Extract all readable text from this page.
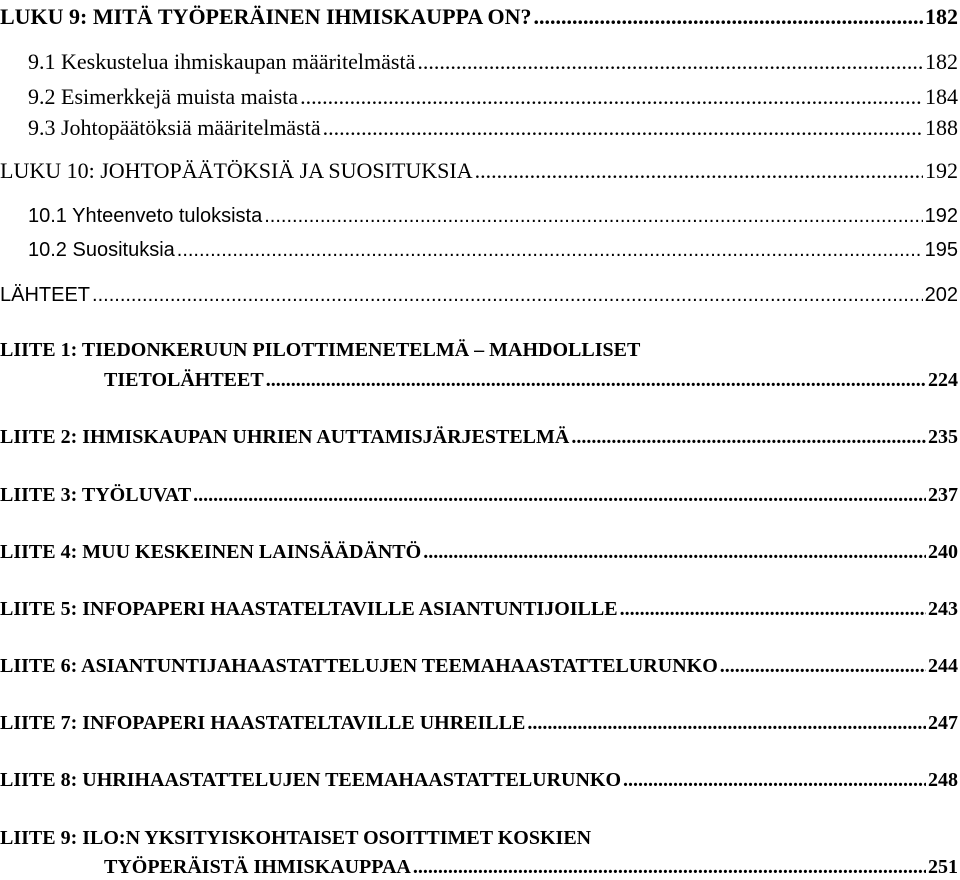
LUKU 9: MITÄ TYÖPERÄINEN IHMISKAUPPA ON? .....	182
9.1 Keskustelua ihmiskaupan määritelmästä .....	182
9.2 Esimerkkejä muista maista .....	184
9.3 Johtopäätöksiä määritelmästä .....	188
LUKU 10: JOHTOPÄÄTÖKSIÄ JA SUOSITUKSIA .....	192
10.1 Yhteenveto tuloksista .....	192
10.2 Suosituksia .....	195
LÄHTEET .....	202
LIITE 1: TIEDONKERUUN PILOTTIMENETELMÄ – MAHDOLLISET
TIETOLÄHTEET .....	224
LIITE 2: IHMISKAUPAN UHRIEN AUTTAMISJÄRJESTELMÄ .....	235
LIITE 3: TYÖLUVAT .....	237
LIITE 4: MUU KESKEINEN LAINSÄÄDÄNTÖ .....	240
LIITE 5: INFOPAPERI HAASTATELTAVILLE ASIANTUNTIJOILLE .....	243
LIITE 6: ASIANTUNTIJAHAASTATTELUJEN TEEMAHAASTATTELURUNKO .....	244
LIITE 7: INFOPAPERI HAASTATELTAVILLE UHREILLE .....	247
LIITE 8: UHRIHAASTATTELUJEN TEEMAHAASTATTELURUNKO .....	248
LIITE 9: ILO:N YKSITYISKOHTAISET OSOITTIMET KOSKIEN
TYÖPERÄISTÄ IHMISKAUPPAA .....	251
